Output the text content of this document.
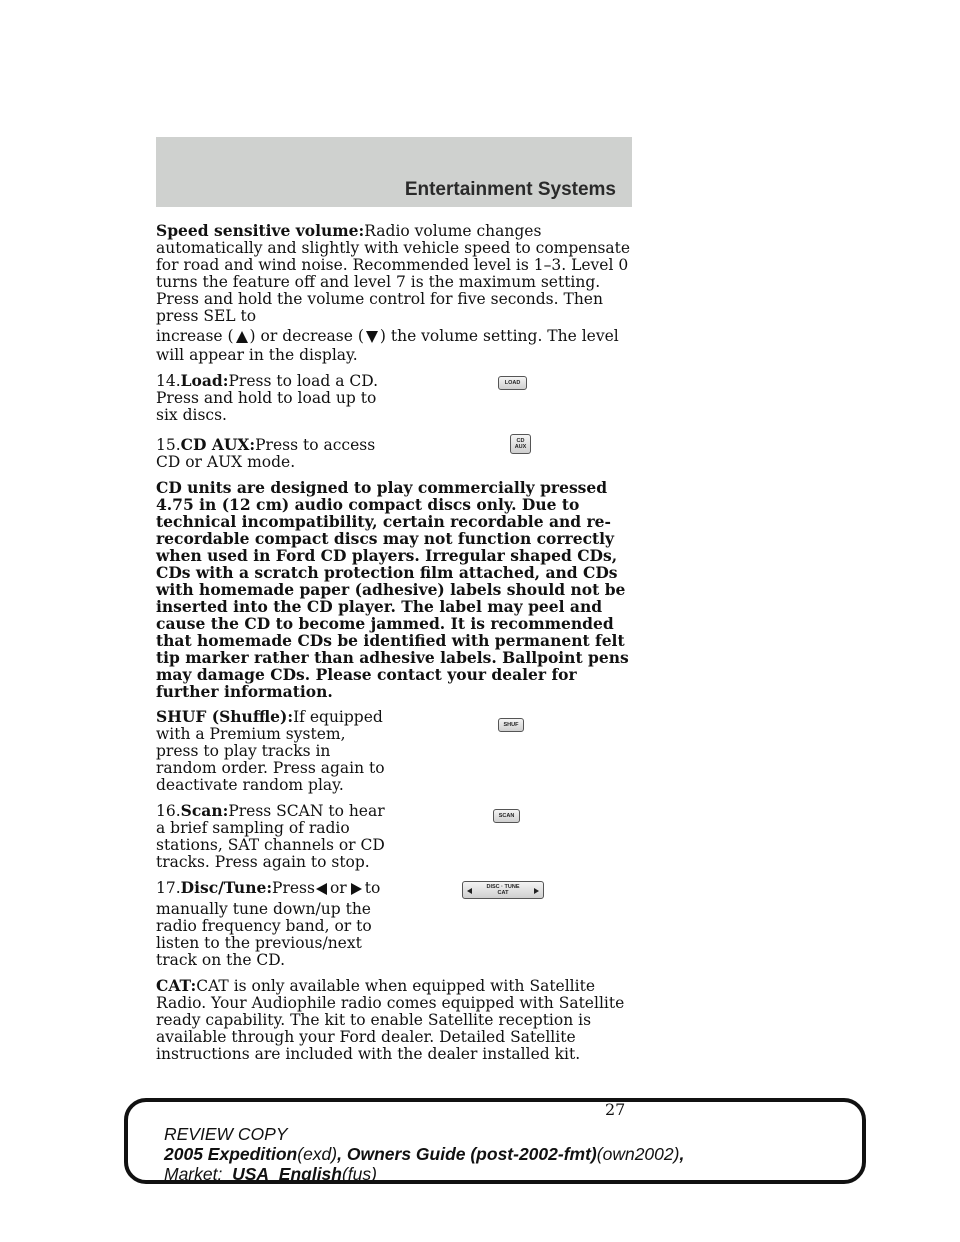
Entertainment Systems

Speed sensitive volume:Radio volume changes automatically and slightly with vehicle speed to compensate for road and wind noise. Recommended level is 1–3. Level 0 turns the feature off and level 7 is the maximum setting.
Press and hold the volume control for five seconds. Then press SEL to
increase ( ) or decrease ( ) the volume setting. The level will appear in the display.

14.Load:Press to load a CD. Press and hold to load up to six discs.
LOAD
15.CD AUX:Press to access CD or AUX mode.
CD
AUX

CD units are designed to play commercially pressed 4.75 in (12 cm) audio compact discs only. Due to technical incompatibility, certain recordable and re-recordable compact discs may not function correctly when used in Ford CD players. Irregular shaped CDs, CDs with a scratch protection film attached, and CDs with homemade paper (adhesive) labels should not be inserted into the CD player. The label may peel and cause the CD to become jammed. It is recommended that homemade CDs be identified with permanent felt tip marker rather than adhesive labels. Ballpoint pens may damage CDs. Please contact your dealer for further information.

SHUF (Shuffle):If equipped with a Premium system, press to play tracks in random order. Press again to deactivate random play.
SHUF
16.Scan:Press SCAN to hear a brief sampling of radio stations, SAT channels or CD tracks. Press again to stop.
SCAN
17.Disc/Tune:Press or to

manually tune down/up the radio frequency band, or to listen to the previous/next track on the CD.
DISC · TUNE
CAT

CAT:CAT is only available when equipped with Satellite Radio. Your Audiophile radio comes equipped with Satellite ready capability. The kit to enable Satellite reception is available through your Ford dealer. Detailed Satellite instructions are included with the dealer installed kit.

27
REVIEW COPY
2005 Expedition(exd), Owners Guide (post-2002-fmt)(own2002),
Market: USA_English(fus)
